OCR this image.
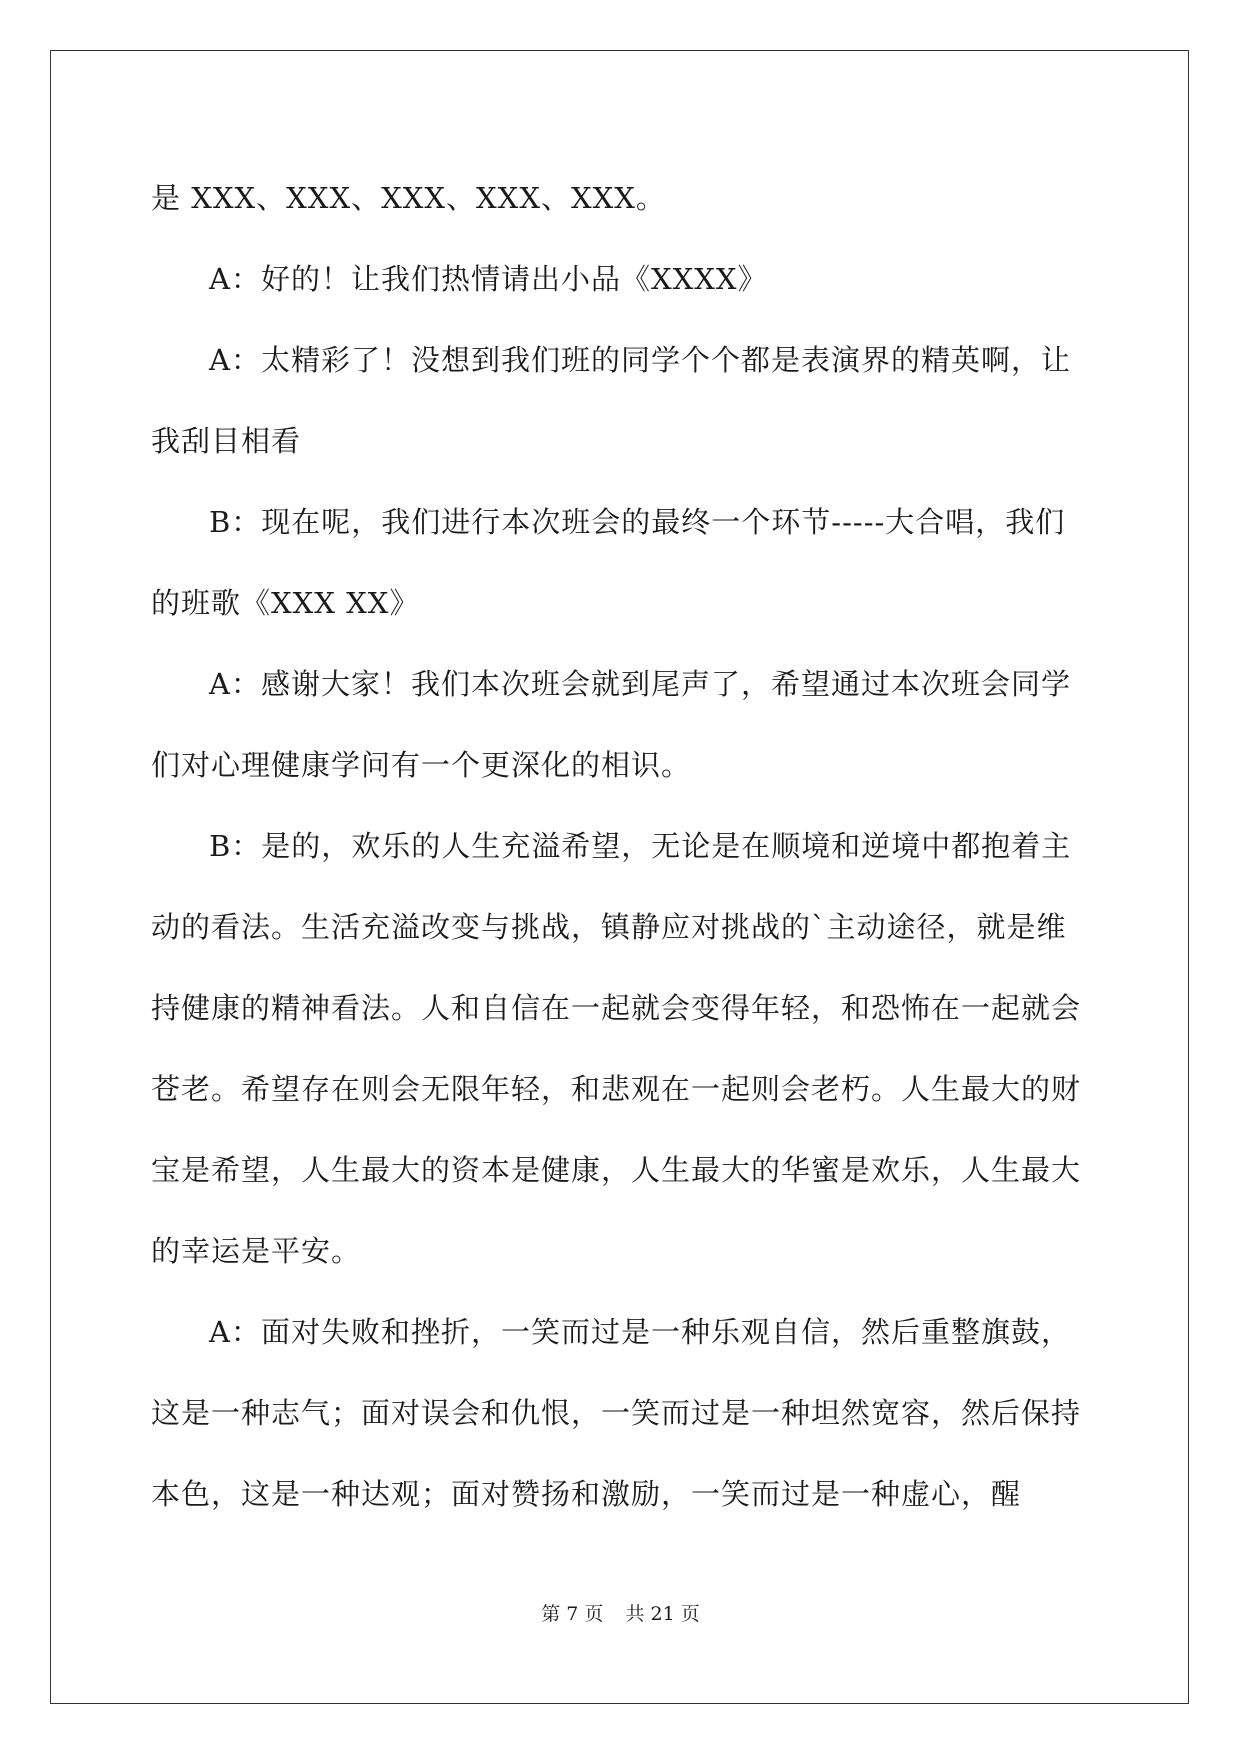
是 XXX、XXX、XXX、XXX、XXX。

A：好的！让我们热情请出小品《XXXX》

A：太精彩了！没想到我们班的同学个个都是表演界的精英啊，让我刮目相看

B：现在呢，我们进行本次班会的最终一个环节-----大合唱，我们的班歌《XXX XX》

A：感谢大家！我们本次班会就到尾声了，希望通过本次班会同学们对心理健康学问有一个更深化的相识。

B：是的，欢乐的人生充溢希望，无论是在顺境和逆境中都抱着主动的看法。生活充溢改变与挑战，镇静应对挑战的`主动途径，就是维持健康的精神看法。人和自信在一起就会变得年轻，和恐怖在一起就会苍老。希望存在则会无限年轻，和悲观在一起则会老朽。人生最大的财宝是希望，人生最大的资本是健康，人生最大的华蜜是欢乐，人生最大的幸运是平安。

A：面对失败和挫折，一笑而过是一种乐观自信，然后重整旗鼓，这是一种志气；面对误会和仇恨，一笑而过是一种坦然宽容，然后保持本色，这是一种达观；面对赞扬和激励，一笑而过是一种虚心，醒

第 7 页 共 21 页
